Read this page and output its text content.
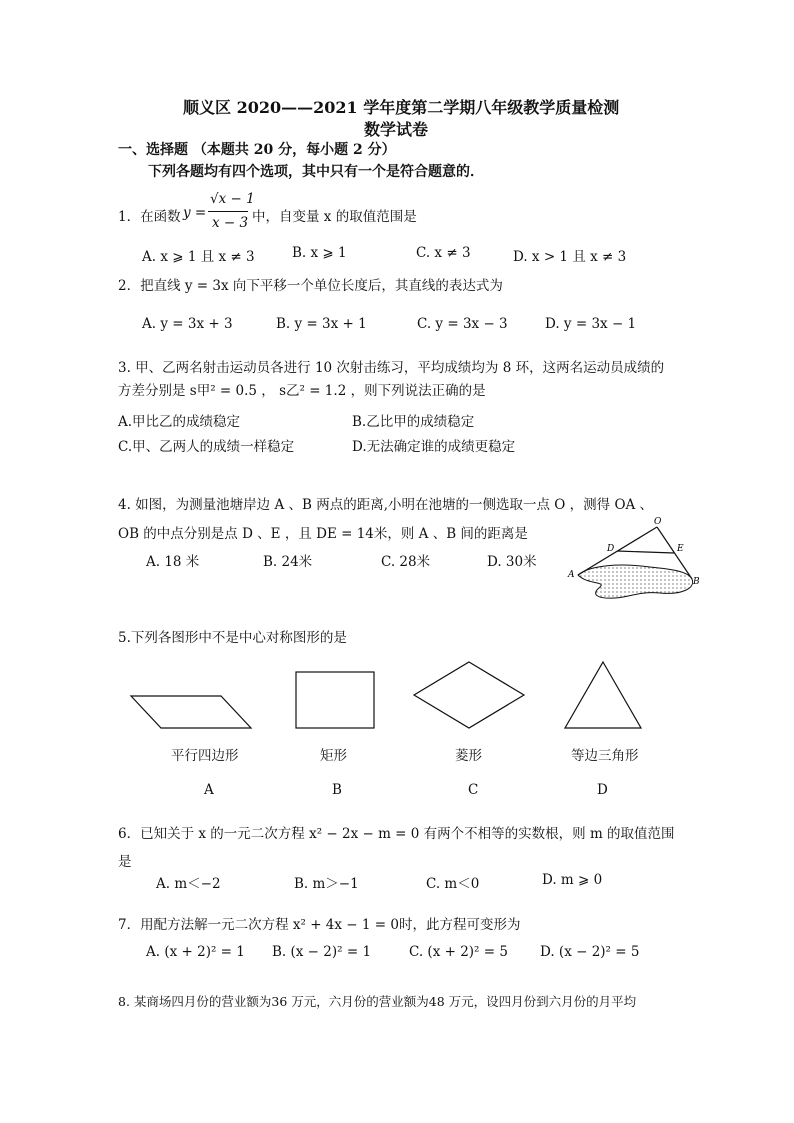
顺义区 2020——2021 学年度第二学期八年级教学质量检测
数学试卷
一、选择题 （本题共 20 分，每小题 2 分）
下列各题均有四个选项，其中只有一个是符合题意的．
1．在函数 y =
√x − 1
x − 3 中，自变量 x 的取值范围是
A. x ⩾ 1 且 x ≠ 3	B. x ⩾ 1	C. x ≠ 3	D. x > 1 且 x ≠ 3
2．把直线 y = 3x 向下平移一个单位长度后，其直线的表达式为
A. y = 3x + 3	B. y = 3x + 1	C. y = 3x − 3	D. y = 3x − 1
3. 甲、乙两名射击运动员各进行 10 次射击练习，平均成绩均为 8 环，这两名运动员成绩的
方差分别是 s甲² = 0.5 ， s乙² = 1.2 ，则下列说法正确的是
A.甲比乙的成绩稳定	B.乙比甲的成绩稳定
C.甲、乙两人的成绩一样稳定	D.无法确定谁的成绩更稳定
4. 如图，为测量池塘岸边 A 、B 两点的距离,小明在池塘的一侧选取一点 O ，测得 OA 、
OB 的中点分别是点 D 、E ，且 DE = 14米，则 A 、B 间的距离是
A. 18 米	B. 24米	C. 28米	D. 30米
O
D	E
A
B
5.下列各图形中不是中心对称图形的是
平行四边形	矩形	菱形	等边三角形
A	B	C	D
6．已知关于 x 的一元二次方程 x² − 2x − m = 0 有两个不相等的实数根，则 m 的取值范围
是
A. m＜−2	B. m＞−1	C. m＜0	D. m ⩾ 0
7．用配方法解一元二次方程 x² + 4x − 1 = 0时，此方程可变形为
A. (x + 2)² = 1 B. (x − 2)² = 1	C. (x + 2)² = 5 D. (x − 2)² = 5
8. 某商场四月份的营业额为36 万元，六月份的营业额为48 万元，设四月份到六月份的月平均
